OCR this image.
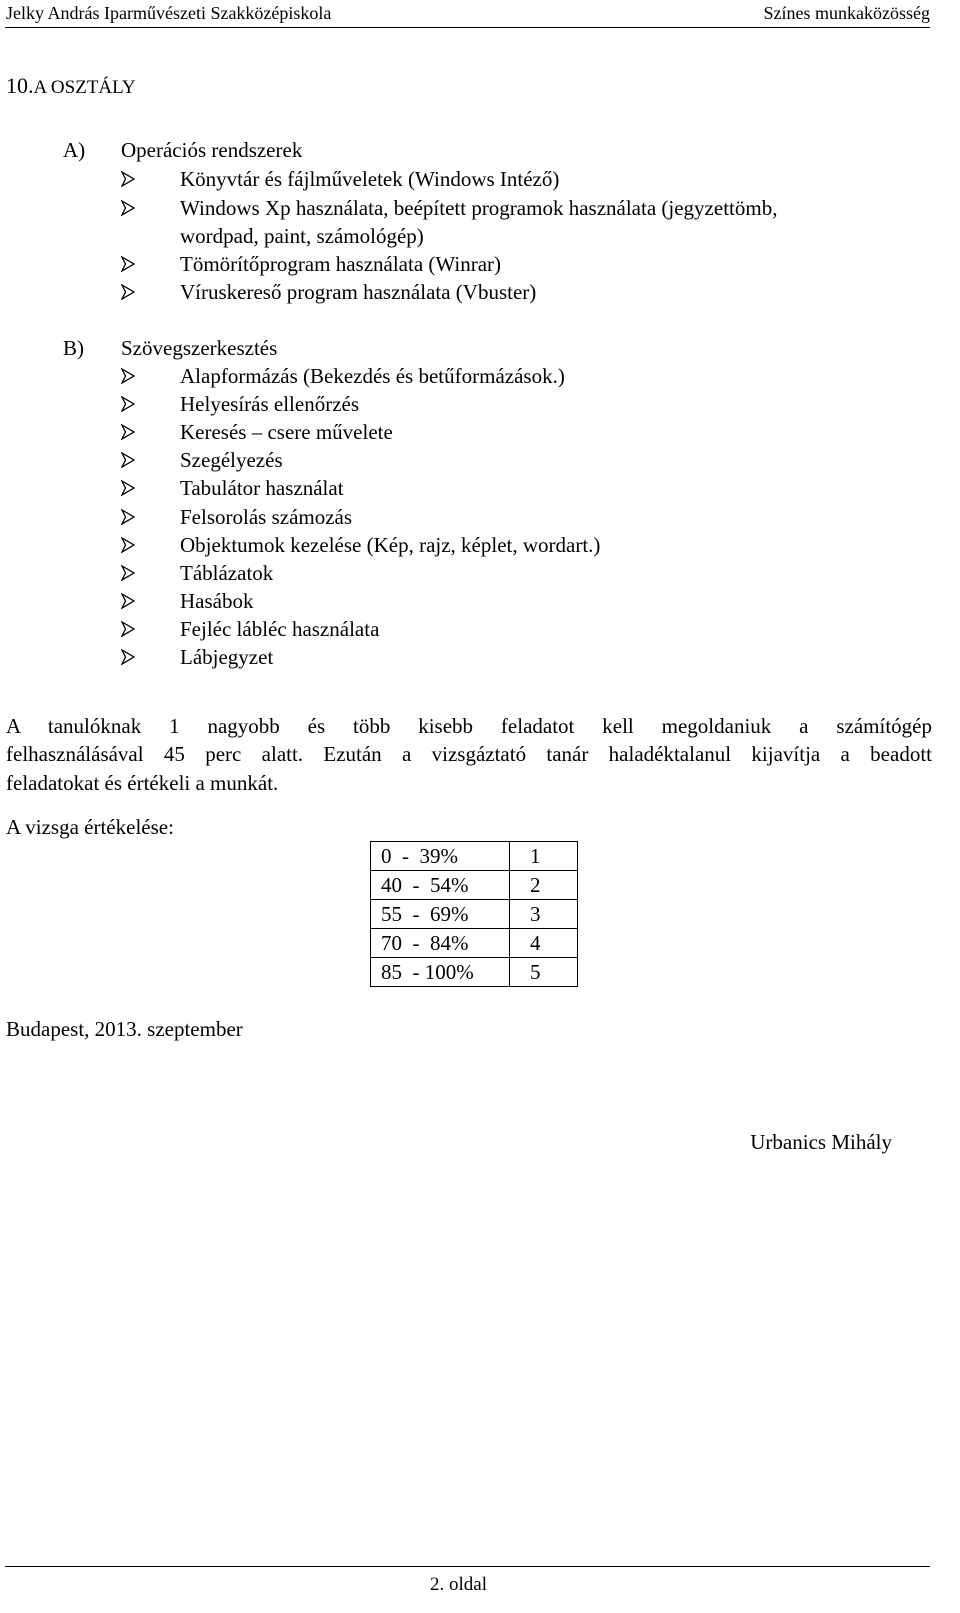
Jelky András Iparművészeti Szakközépiskola	Színes munkaközösség
10.A OSZTÁLY
A) Operációs rendszerek
Könyvtár és fájlműveletek (Windows Intéző)
Windows Xp használata, beépített programok használata (jegyzettömb,
wordpad, paint, számológép)
Tömörítőprogram használata (Winrar)
Víruskereső program használata (Vbuster)
B) Szövegszerkesztés
Alapformázás (Bekezdés és betűformázások.)
Helyesírás ellenőrzés
Keresés – csere művelete
Szegélyezés
Tabulátor használat
Felsorolás számozás
Objektumok kezelése (Kép, rajz, képlet, wordart.)
Táblázatok
Hasábok
Fejléc lábléc használata
Lábjegyzet
A tanulóknak 1 nagyobb és több kisebb feladatot kell megoldaniuk a számítógép
felhasználásával 45 perc alatt. Ezután a vizsgáztató tanár haladéktalanul kijavítja a beadott
feladatokat és értékeli a munkát.
A vizsga értékelése:
0  -  39%	1
40  -  54%	2
55  -  69%	3
70  -  84%	4
85  - 100%	5
Budapest, 2013. szeptember
Urbanics Mihály
2. oldal
